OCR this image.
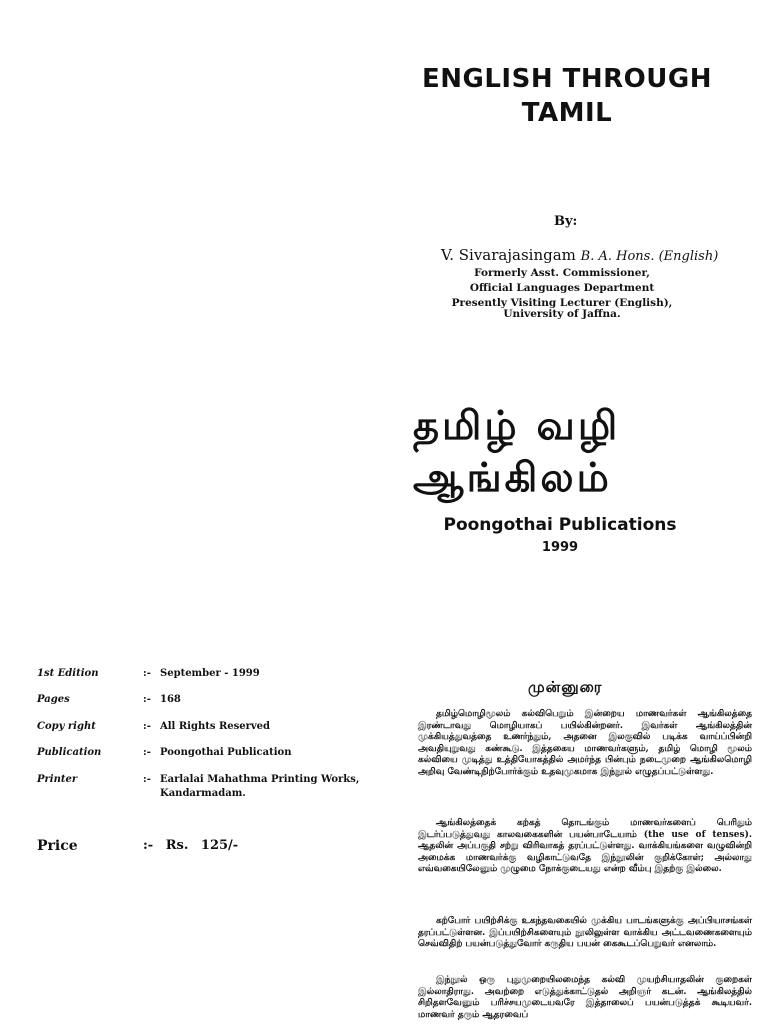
ENGLISH THROUGH
TAMIL
By:
V. Sivarajasingam B. A. Hons. (English)
Formerly Asst. Commissioner,
Official Languages Department
Presently Visiting Lecturer (English),
University of Jaffna.
தமிழ் வழி ஆங்கிலம்
Poongothai Publications
1999
1st Edition	:- September - 1999
Pages	:- 168
Copy right	:- All Rights Reserved
Publication	:- Poongothai Publication
Printer	:- Earlalai Mahathma Printing Works, Kandarmadam.
Price	:- Rs. 125/-
முன்னுரை
தமிழ்மொழிமூலம் கல்விபெறும் இன்றைய மாணவர்கள் ஆங்கிலத்தை இரண்டாவது மொழியாகப் பயில்கின்றனர். இவர்கள் ஆங்கிலத்தின் முக்கியத்துவத்தை உணர்ந்தும், அதனை இலகுவில் படிக்க வாய்ப்பின்றி அவதியுறுவது கண்கூடு. இத்தகைய மாணவர்களும், தமிழ் மொழி மூலம் கல்வியை முடித்து உத்தியோகத்தில் அமர்ந்த பின்பும் நடைமுறை ஆங்கிலமொழி அறிவு வேண்டிநிற்போர்க்கும் உதவுமுகமாக இந்நூல் எழுதப்பட்டுள்ளது.
ஆங்கிலத்தைக் கற்கத் தொடங்கும் மாணவர்களைப் பெரிதும் இடர்ப்படுத்துவது காலவகைகளின் பயன்பாடேயாம் (the use of tenses). ஆதலின் அப்பகுதி சற்று விரிவாகத் தரப்பட்டுள்ளது. வாக்கியங்களை வழுவின்றி அமைக்க மாணவர்க்கு வழிகாட்டுவதே இந்நூலின் குறிக்கோள்; அல்லாது எவ்வகையிலேனும் முழுமை நோக்குடையது என்ற வீம்பு இதற்கு இல்லை.
கற்போர் பயிற்சிக்கு உகந்தவகையில் முக்கிய பாடங்களுக்கு அப்பியாசங்கள் தரப்பட்டுள்ளன. இப்பயிற்சிகளையும் நூலிலுள்ள வாக்கிய அட்டவணைகளையும் செவ்விதிற் பயன்படுத்துவோர் கருதிய பயன் கைகூடப்பெறுவர் எனலாம்.
இந்நூல் ஒரு புதுமுறையிலமைந்த கல்வி முயற்சியாதலின் குறைகள் இல்லாதிராது. அவற்றை எடுத்துக்காட்டுதல் அறிஞர் கடன். ஆங்கிலத்தில் சிறிதளவேனும் பரிச்சயமுடையவரே இத்தாலைப் பயன்படுத்தக் கூடியவர். மாணவர் தரும் ஆதரவைப்
